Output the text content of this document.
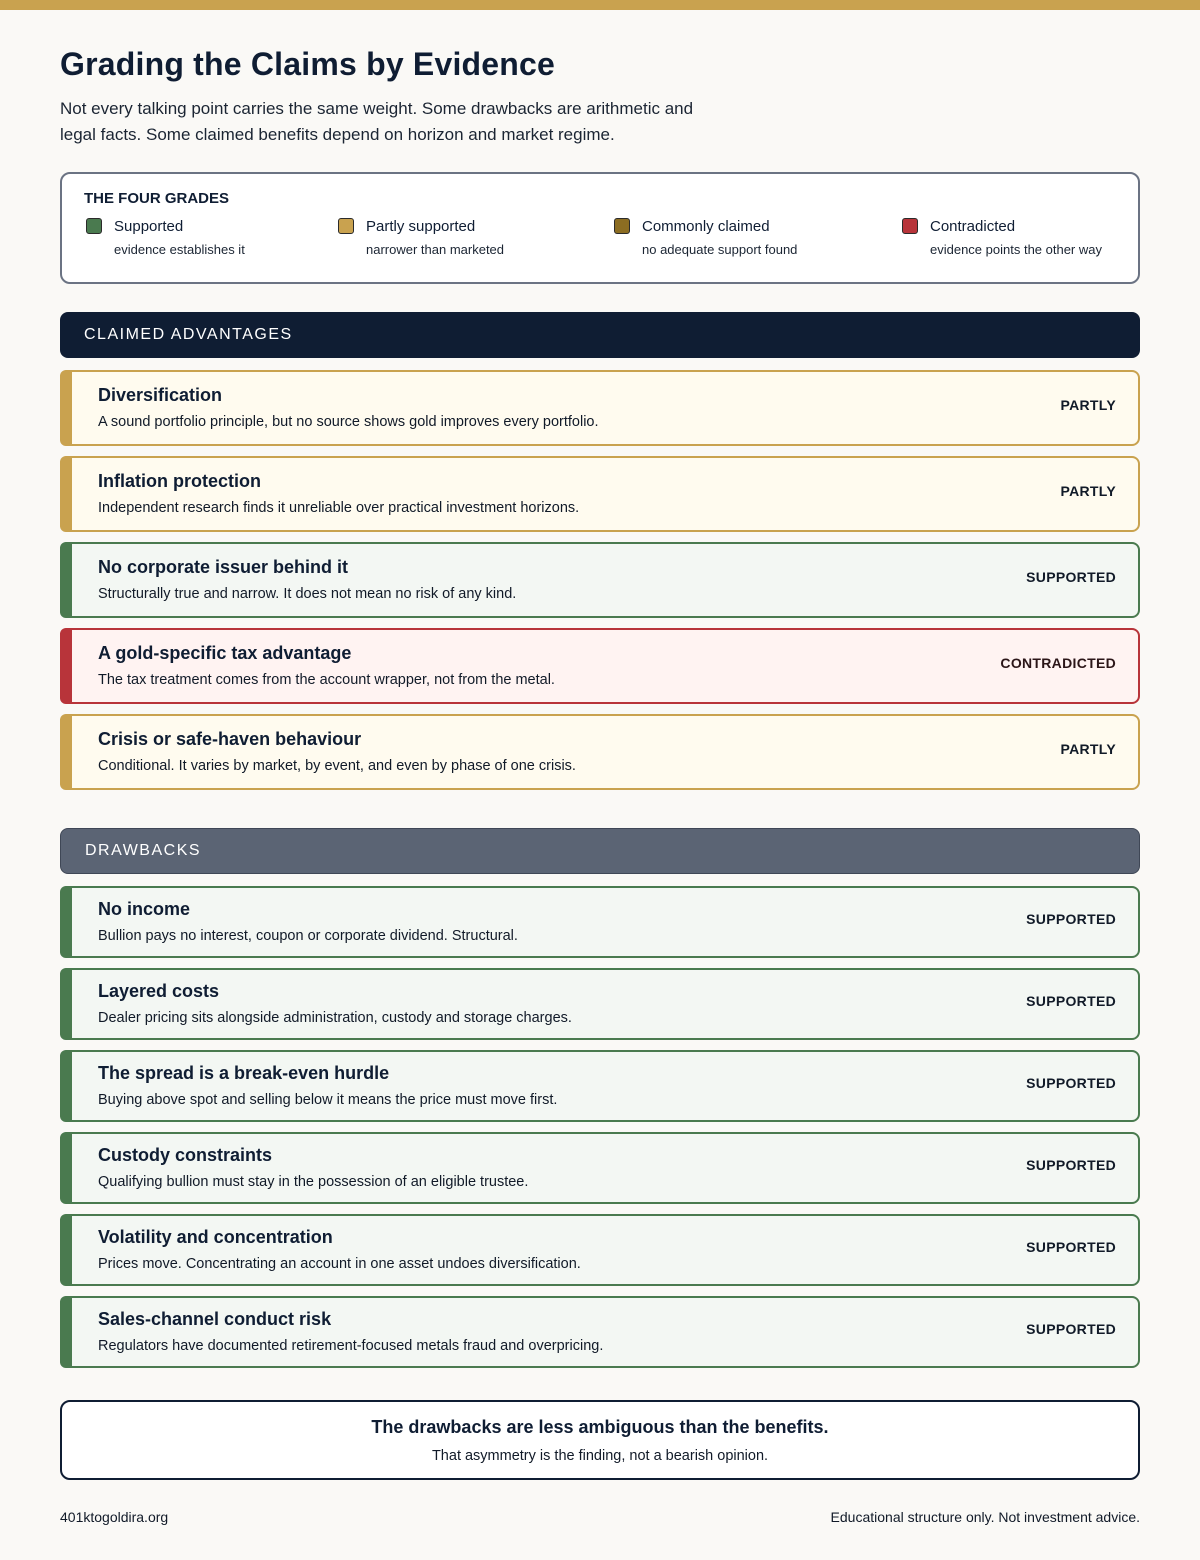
Grading the Claims by Evidence

Not every talking point carries the same weight. Some drawbacks are arithmetic and legal facts. Some claimed benefits depend on horizon and market regime.

THE FOUR GRADES
Supported
evidence establishes it
Partly supported
narrower than marketed
Commonly claimed
no adequate support found
Contradicted
evidence points the other way
CLAIMED ADVANTAGES
Diversification
A sound portfolio principle, but no source shows gold improves every portfolio.
PARTLY
Inflation protection
Independent research finds it unreliable over practical investment horizons.
PARTLY
No corporate issuer behind it
Structurally true and narrow. It does not mean no risk of any kind.
SUPPORTED
A gold-specific tax advantage
The tax treatment comes from the account wrapper, not from the metal.
CONTRADICTED
Crisis or safe-haven behaviour
Conditional. It varies by market, by event, and even by phase of one crisis.
PARTLY
DRAWBACKS
No income
Bullion pays no interest, coupon or corporate dividend. Structural.
SUPPORTED
Layered costs
Dealer pricing sits alongside administration, custody and storage charges.
SUPPORTED
The spread is a break-even hurdle
Buying above spot and selling below it means the price must move first.
SUPPORTED
Custody constraints
Qualifying bullion must stay in the possession of an eligible trustee.
SUPPORTED
Volatility and concentration
Prices move. Concentrating an account in one asset undoes diversification.
SUPPORTED
Sales-channel conduct risk
Regulators have documented retirement-focused metals fraud and overpricing.
SUPPORTED
The drawbacks are less ambiguous than the benefits.
That asymmetry is the finding, not a bearish opinion.
401ktogoldira.org	Educational structure only. Not investment advice.
